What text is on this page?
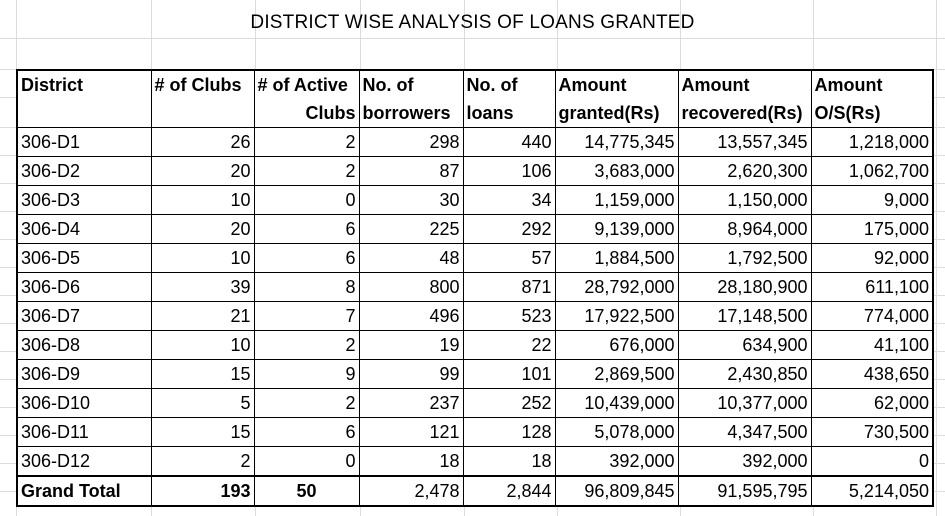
DISTRICT WISE ANALYSIS OF LOANS GRANTED
District	# of Clubs	# of Active	No. of	No. of	Amount	Amount	Amount
		Clubs	borrowers	loans	granted(Rs)	recovered(Rs)	O/S(Rs)
306-D1	26	2	298	440	14,775,345	13,557,345	1,218,000
306-D2	20	2	87	106	3,683,000	2,620,300	1,062,700
306-D3	10	0	30	34	1,159,000	1,150,000	9,000
306-D4	20	6	225	292	9,139,000	8,964,000	175,000
306-D5	10	6	48	57	1,884,500	1,792,500	92,000
306-D6	39	8	800	871	28,792,000	28,180,900	611,100
306-D7	21	7	496	523	17,922,500	17,148,500	774,000
306-D8	10	2	19	22	676,000	634,900	41,100
306-D9	15	9	99	101	2,869,500	2,430,850	438,650
306-D10	5	2	237	252	10,439,000	10,377,000	62,000
306-D11	15	6	121	128	5,078,000	4,347,500	730,500
306-D12	2	0	18	18	392,000	392,000	0
Grand Total	193	50	2,478	2,844	96,809,845	91,595,795	5,214,050
